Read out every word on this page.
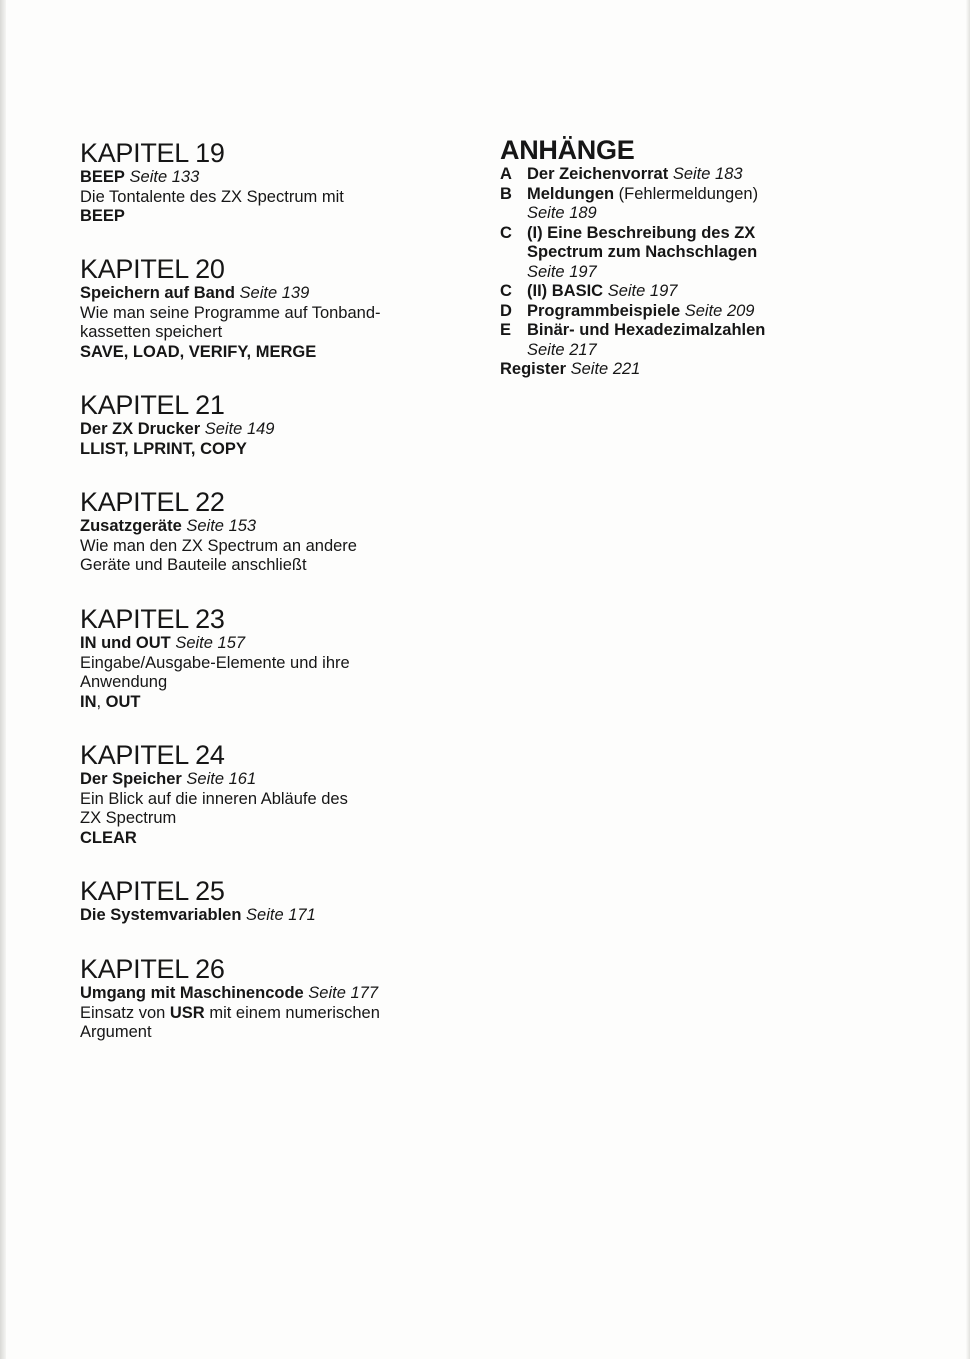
KAPITEL 19
BEEP Seite 133
Die Tontalente des ZX Spectrum mit
BEEP
KAPITEL 20
Speichern auf Band Seite 139
Wie man seine Programme auf Tonband-
kassetten speichert
SAVE, LOAD, VERIFY, MERGE
KAPITEL 21
Der ZX Drucker Seite 149
LLIST, LPRINT, COPY
KAPITEL 22
Zusatzgeräte Seite 153
Wie man den ZX Spectrum an andere
Geräte und Bauteile anschließt
KAPITEL 23
IN und OUT Seite 157
Eingabe/Ausgabe-Elemente und ihre
Anwendung
IN, OUT
KAPITEL 24
Der Speicher Seite 161
Ein Blick auf die inneren Abläufe des
ZX Spectrum
CLEAR
KAPITEL 25
Die Systemvariablen Seite 171
KAPITEL 26
Umgang mit Maschinencode Seite 177
Einsatz von USR mit einem numerischen
Argument
ANHÄNGE
A Der Zeichenvorrat Seite 183
B Meldungen (Fehlermeldungen)
Seite 189
C (I) Eine Beschreibung des ZX
Spectrum zum Nachschlagen
Seite 197
C (II) BASIC Seite 197
D Programmbeispiele Seite 209
E Binär- und Hexadezimalzahlen
Seite 217
Register Seite 221
